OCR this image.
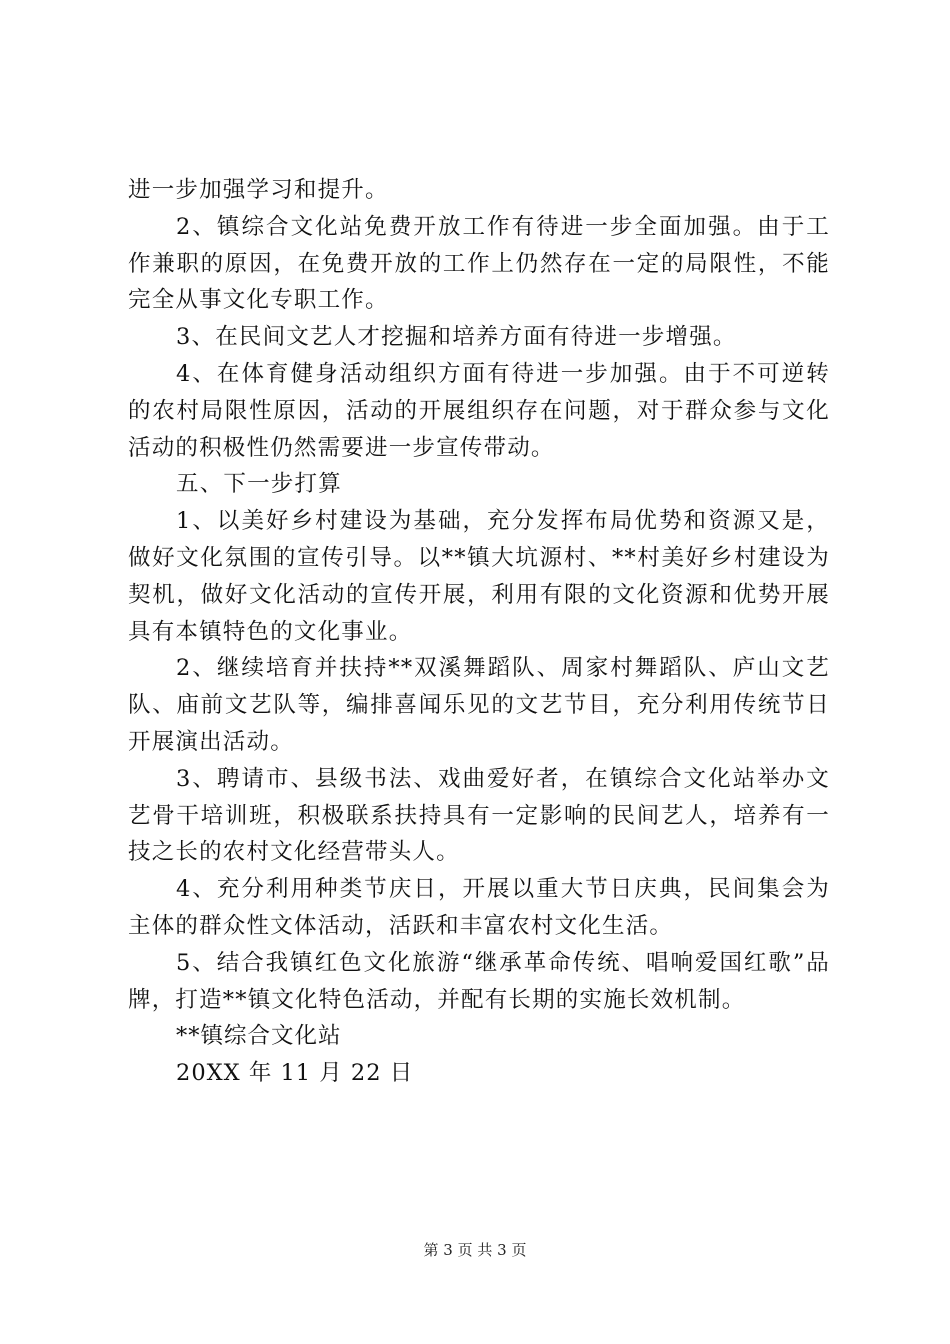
进一步加强学习和提升。

2、镇综合文化站免费开放工作有待进一步全面加强。由于工作兼职的原因，在免费开放的工作上仍然存在一定的局限性，不能完全从事文化专职工作。

3、在民间文艺人才挖掘和培养方面有待进一步增强。

4、在体育健身活动组织方面有待进一步加强。由于不可逆转的农村局限性原因，活动的开展组织存在问题，对于群众参与文化活动的积极性仍然需要进一步宣传带动。

五、下一步打算

1、以美好乡村建设为基础，充分发挥布局优势和资源又是，做好文化氛围的宣传引导。以**镇大坑源村、**村美好乡村建设为契机，做好文化活动的宣传开展，利用有限的文化资源和优势开展具有本镇特色的文化事业。

2、继续培育并扶持**双溪舞蹈队、周家村舞蹈队、庐山文艺队、庙前文艺队等，编排喜闻乐见的文艺节目，充分利用传统节日开展演出活动。

3、聘请市、县级书法、戏曲爱好者，在镇综合文化站举办文艺骨干培训班，积极联系扶持具有一定影响的民间艺人，培养有一技之长的农村文化经营带头人。

4、充分利用种类节庆日，开展以重大节日庆典，民间集会为主体的群众性文体活动，活跃和丰富农村文化生活。

5、结合我镇红色文化旅游“继承革命传统、唱响爱国红歌”品牌，打造**镇文化特色活动，并配有长期的实施长效机制。

**镇综合文化站

20XX 年 11 月 22 日

第 3 页 共 3 页
